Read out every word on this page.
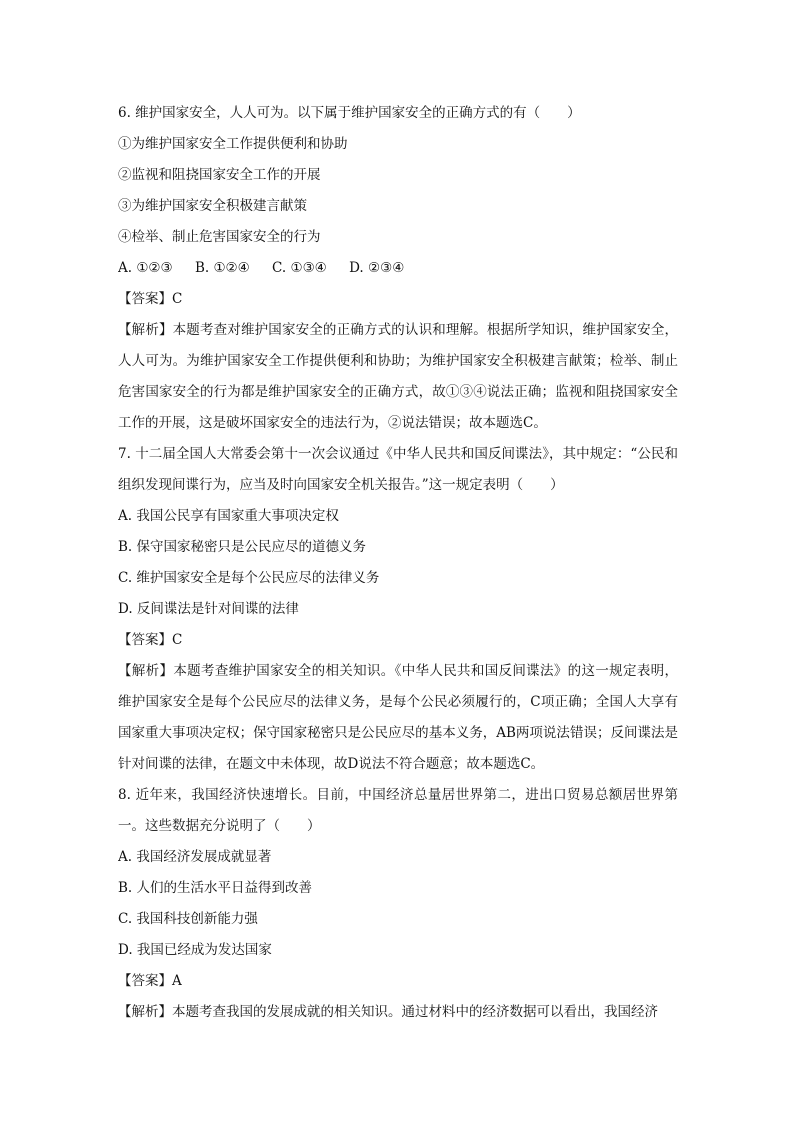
6. 维护国家安全，人人可为。以下属于维护国家安全的正确方式的有（　　）
①为维护国家安全工作提供便利和协助
②监视和阻挠国家安全工作的开展
③为维护国家安全积极建言献策
④检举、制止危害国家安全的行为
A. ①②③ B. ①②④ C. ①③④ D. ②③④
【答案】C
【解析】本题考查对维护国家安全的正确方式的认识和理解。根据所学知识，维护国家安全，人人可为。为维护国家安全工作提供便利和协助；为维护国家安全积极建言献策；检举、制止危害国家安全的行为都是维护国家安全的正确方式，故①③④说法正确；监视和阻挠国家安全工作的开展，这是破坏国家安全的违法行为，②说法错误；故本题选C。
7. 十二届全国人大常委会第十一次会议通过《中华人民共和国反间谍法》，其中规定：“公民和组织发现间谍行为，应当及时向国家安全机关报告。”这一规定表明（　　）
A. 我国公民享有国家重大事项决定权
B. 保守国家秘密只是公民应尽的道德义务
C. 维护国家安全是每个公民应尽的法律义务
D. 反间谍法是针对间谍的法律
【答案】C
【解析】本题考查维护国家安全的相关知识。《中华人民共和国反间谍法》的这一规定表明，维护国家安全是每个公民应尽的法律义务，是每个公民必须履行的，C项正确；全国人大享有国家重大事项决定权；保守国家秘密只是公民应尽的基本义务，AB两项说法错误；反间谍法是针对间谍的法律，在题文中未体现，故D说法不符合题意；故本题选C。
8. 近年来，我国经济快速增长。目前，中国经济总量居世界第二，进出口贸易总额居世界第一。这些数据充分说明了（　　）
A. 我国经济发展成就显著
B. 人们的生活水平日益得到改善
C. 我国科技创新能力强
D. 我国已经成为发达国家
【答案】A
【解析】本题考查我国的发展成就的相关知识。通过材料中的经济数据可以看出，我国经济
